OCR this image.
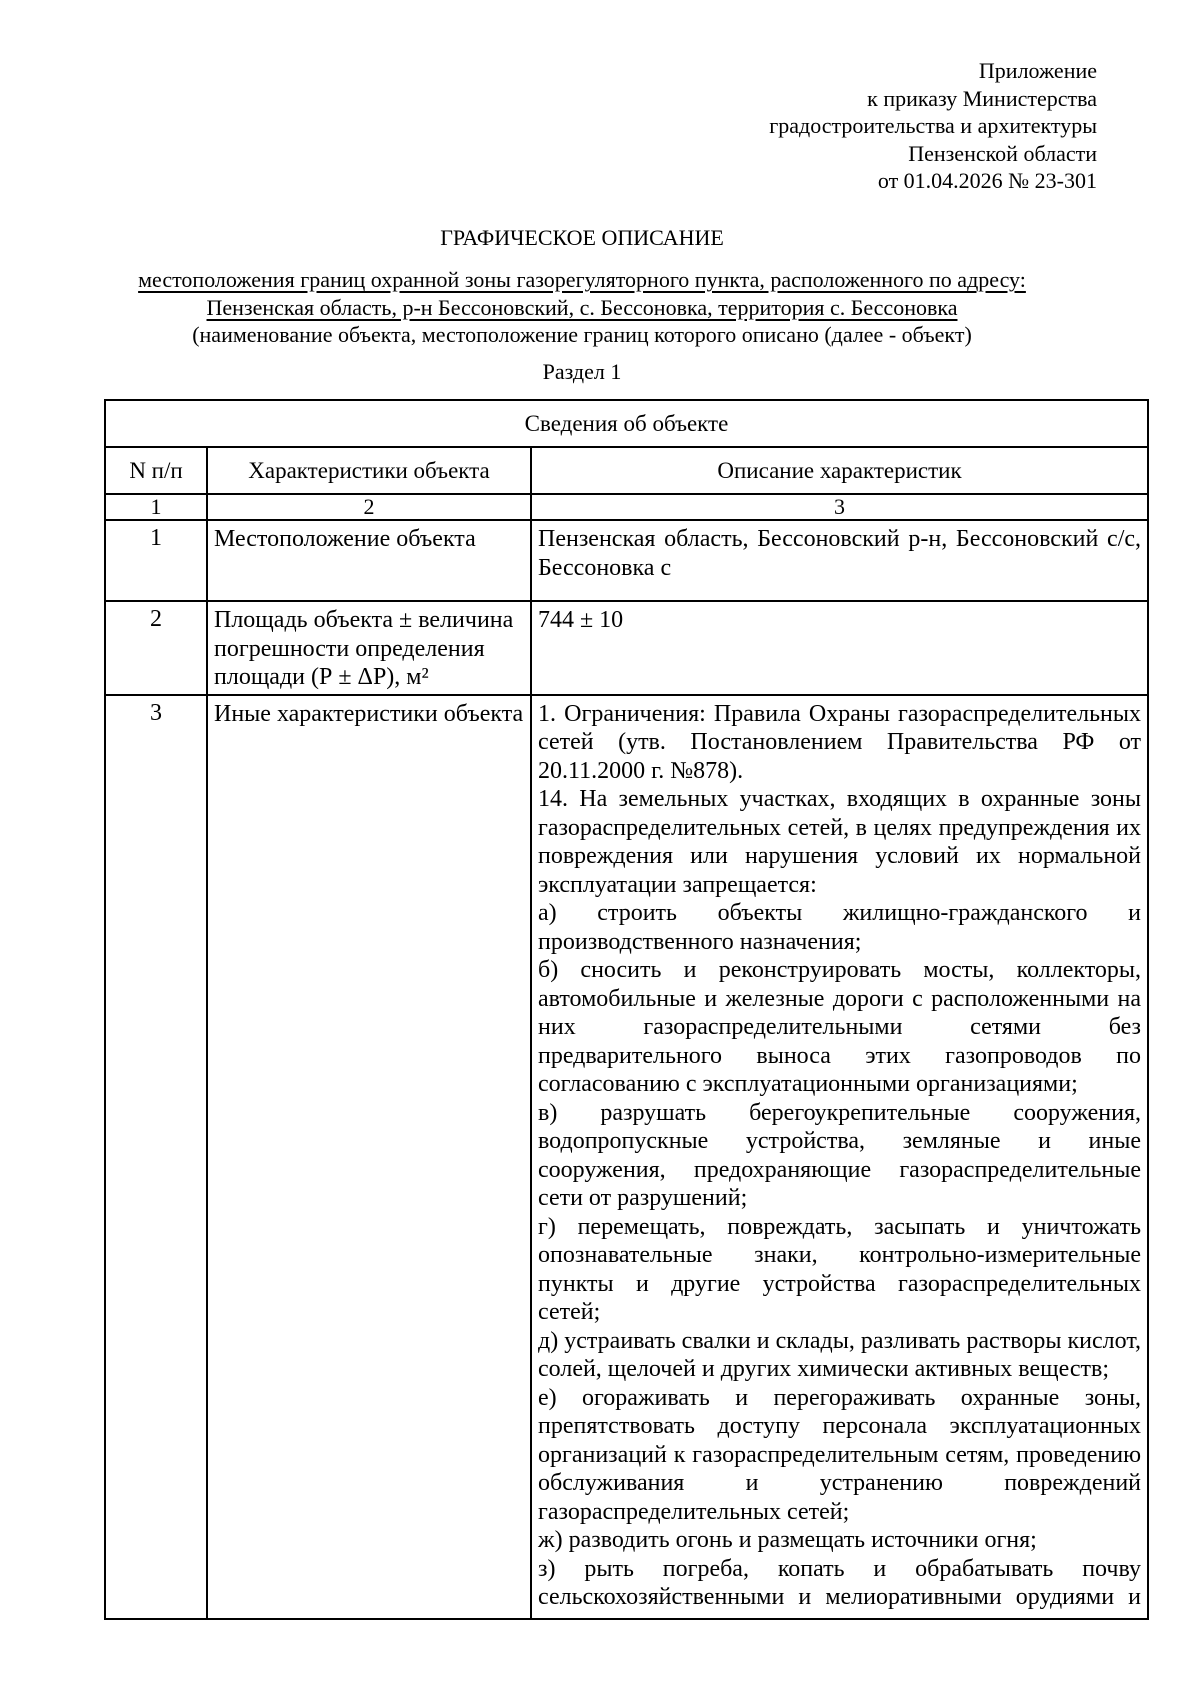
Приложение
к приказу Министерства
градостроительства и архитектуры
Пензенской области
от 01.04.2026 № 23-301
ГРАФИЧЕСКОЕ ОПИСАНИЕ
местоположения границ охранной зоны газорегуляторного пункта, расположенного по адресу:
Пензенская область, р-н Бессоновский, с. Бессоновка, территория с. Бессоновка
(наименование объекта, местоположение границ которого описано (далее - объект)
Раздел 1
Сведения об объекте		
N п/п	Характеристики объекта	Описание характеристик
1	2	3
1	Местоположение объекта	Пензенская область, Бессоновский р-н, Бессоновский с/с, Бессоновка с

2	Площадь объекта ± величина погрешности определения площади (Р ± ΔР), м²	744 ± 10

3	Иные характеристики объекта	1. Ограничения: Правила Охраны газораспределительных сетей (утв. Постановлением Правительства РФ от 20.11.2000 г. №878).

14. На земельных участках, входящих в охранные зоны газораспределительных сетей, в целях предупреждения их повреждения или нарушения условий их нормальной эксплуатации запрещается:

а) строить объекты жилищно-гражданского и производственного назначения;

б) сносить и реконструировать мосты, коллекторы, автомобильные и железные дороги с расположенными на них газораспределительными сетями без предварительного выноса этих газопроводов по согласованию с эксплуатационными организациями;

в) разрушать берегоукрепительные сооружения, водопропускные устройства, земляные и иные сооружения, предохраняющие газораспределительные сети от разрушений;

г) перемещать, повреждать, засыпать и уничтожать опознавательные знаки, контрольно-измерительные пункты и другие устройства газораспределительных сетей;

д) устраивать свалки и склады, разливать растворы кислот, солей, щелочей и других химически активных веществ;

е) огораживать и перегораживать охранные зоны, препятствовать доступу персонала эксплуатационных организаций к газораспределительным сетям, проведению обслуживания и устранению повреждений газораспределительных сетей;

ж) разводить огонь и размещать источники огня;

з) рыть погреба, копать и обрабатывать почву сельскохозяйственными и мелиоративными орудиями и
